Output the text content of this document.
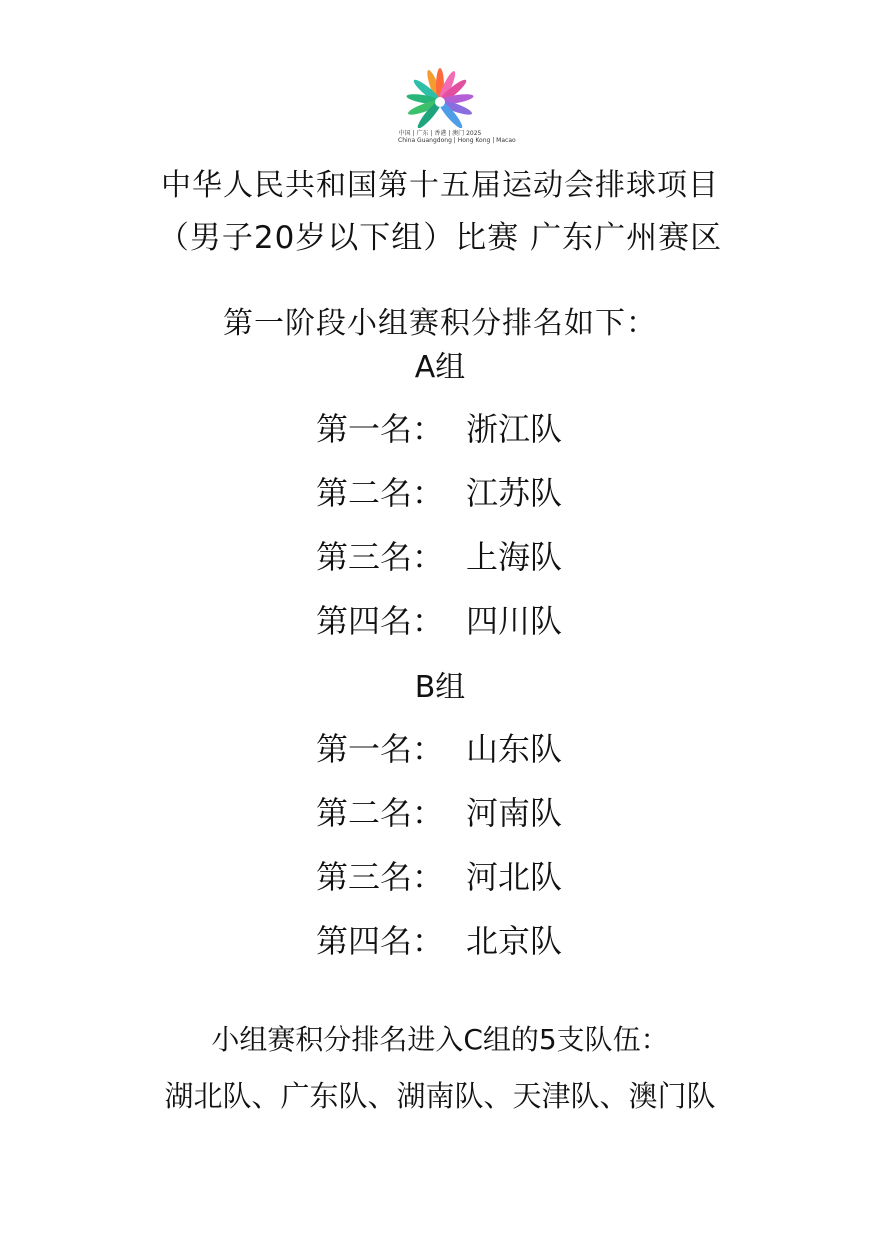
中国 | 广东 | 香港 | 澳门 2025
China Guangdong | Hong Kong | Macao
中华人民共和国第十五届运动会排球项目
（男子20岁以下组）比赛 广东广州赛区
第一阶段小组赛积分排名如下：
A组
第一名： 浙江队
第二名： 江苏队
第三名： 上海队
第四名： 四川队
B组
第一名： 山东队
第二名： 河南队
第三名： 河北队
第四名： 北京队
小组赛积分排名进入C组的5支队伍：
湖北队、广东队、湖南队、天津队、澳门队
